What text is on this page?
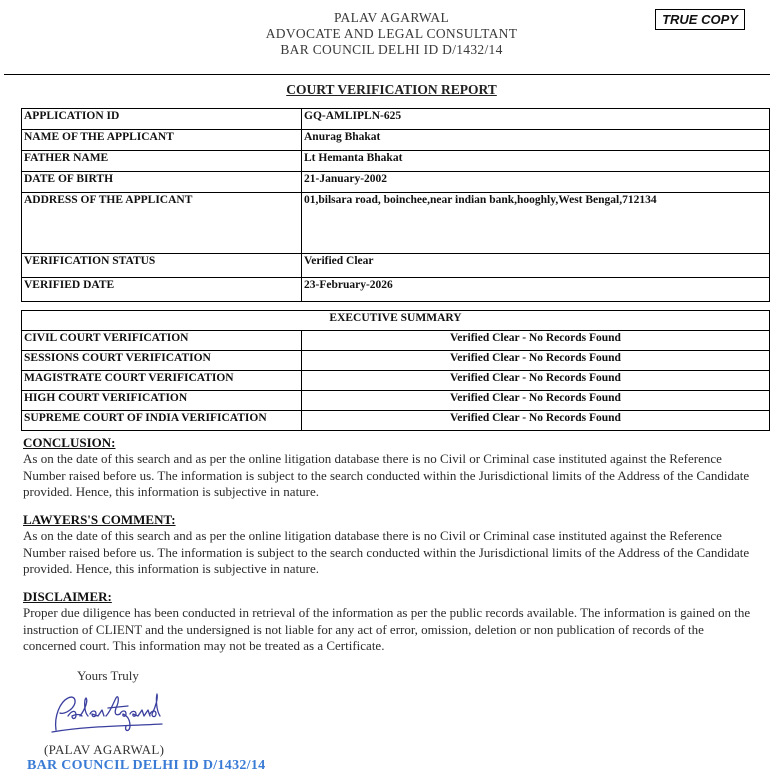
PALAV AGARWAL
ADVOCATE AND LEGAL CONSULTANT
BAR COUNCIL DELHI ID D/1432/14
TRUE COPY
COURT VERIFICATION REPORT
APPLICATION ID	GQ-AMLIPLN-625
NAME OF THE APPLICANT	Anurag Bhakat
FATHER NAME	Lt Hemanta Bhakat
DATE OF BIRTH	21-January-2002
ADDRESS OF THE APPLICANT	01,bilsara road, boinchee,near indian bank,hooghly,West Bengal,712134
VERIFICATION STATUS	Verified Clear
VERIFIED DATE	23-February-2026
EXECUTIVE SUMMARY	
CIVIL COURT VERIFICATION	Verified Clear - No Records Found
SESSIONS COURT VERIFICATION	Verified Clear - No Records Found
MAGISTRATE COURT VERIFICATION	Verified Clear - No Records Found
HIGH COURT VERIFICATION	Verified Clear - No Records Found
SUPREME COURT OF INDIA VERIFICATION	Verified Clear - No Records Found
CONCLUSION:
As on the date of this search and as per the online litigation database there is no Civil or Criminal case instituted against the Reference Number raised before us. The information is subject to the search conducted within the Jurisdictional limits of the Address of the Candidate provided. Hence, this information is subjective in nature.
LAWYERS'S COMMENT:
As on the date of this search and as per the online litigation database there is no Civil or Criminal case instituted against the Reference Number raised before us. The information is subject to the search conducted within the Jurisdictional limits of the Address of the Candidate provided. Hence, this information is subjective in nature.
DISCLAIMER:
Proper due diligence has been conducted in retrieval of the information as per the public records available. The information is gained on the instruction of CLIENT and the undersigned is not liable for any act of error, omission, deletion or non publication of records of the concerned court. This information may not be treated as a Certificate.
Yours Truly
(PALAV AGARWAL)
BAR COUNCIL DELHI ID D/1432/14
